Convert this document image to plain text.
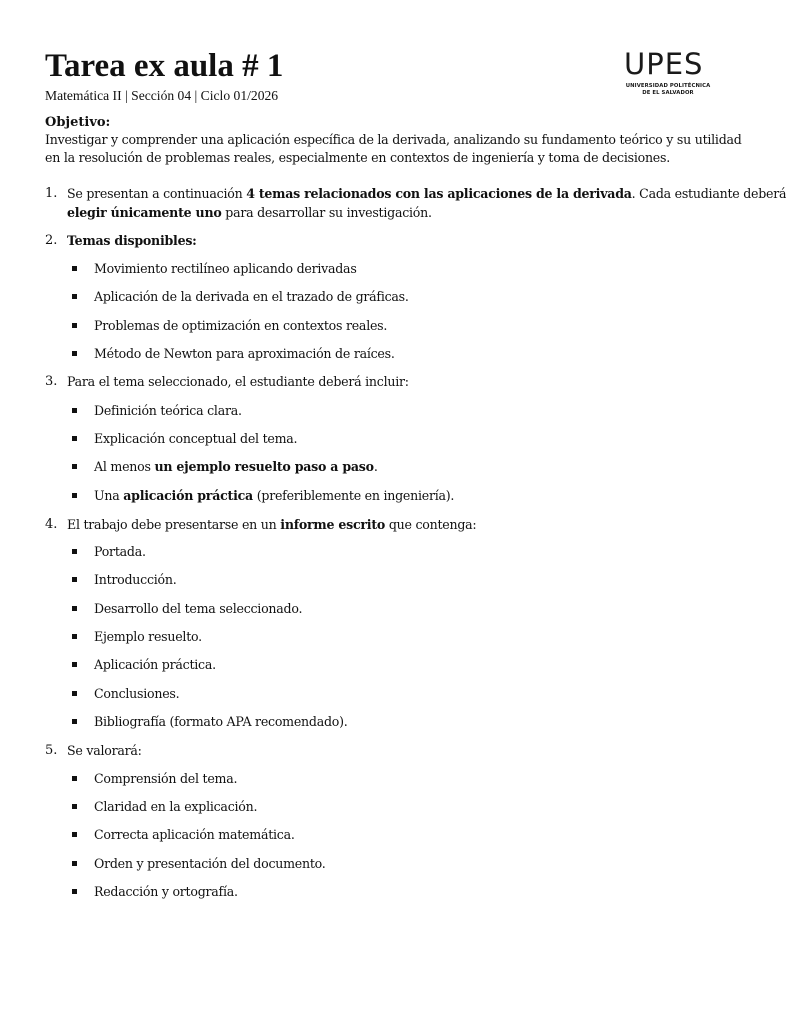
Tarea ex aula # 1
Matemática II | Sección 04 | Ciclo 01/2026
UPES
UNIVERSIDAD POLITÉCNICA
DE EL SALVADOR
Objetivo:
Investigar y comprender una aplicación específica de la derivada, analizando su fundamento teórico y su utilidad
en la resolución de problemas reales, especialmente en contextos de ingeniería y toma de decisiones.
1. Se presentan a continuación 4 temas relacionados con las aplicaciones de la derivada. Cada estudiante deberá
elegir únicamente uno para desarrollar su investigación.
2. Temas disponibles:
Movimiento rectilíneo aplicando derivadas
Aplicación de la derivada en el trazado de gráficas.
Problemas de optimización en contextos reales.
Método de Newton para aproximación de raíces.
3. Para el tema seleccionado, el estudiante deberá incluir:
Definición teórica clara.
Explicación conceptual del tema.
Al menos un ejemplo resuelto paso a paso.
Una aplicación práctica (preferiblemente en ingeniería).
4. El trabajo debe presentarse en un informe escrito que contenga:
Portada.
Introducción.
Desarrollo del tema seleccionado.
Ejemplo resuelto.
Aplicación práctica.
Conclusiones.
Bibliografía (formato APA recomendado).
5. Se valorará:
Comprensión del tema.
Claridad en la explicación.
Correcta aplicación matemática.
Orden y presentación del documento.
Redacción y ortografía.
